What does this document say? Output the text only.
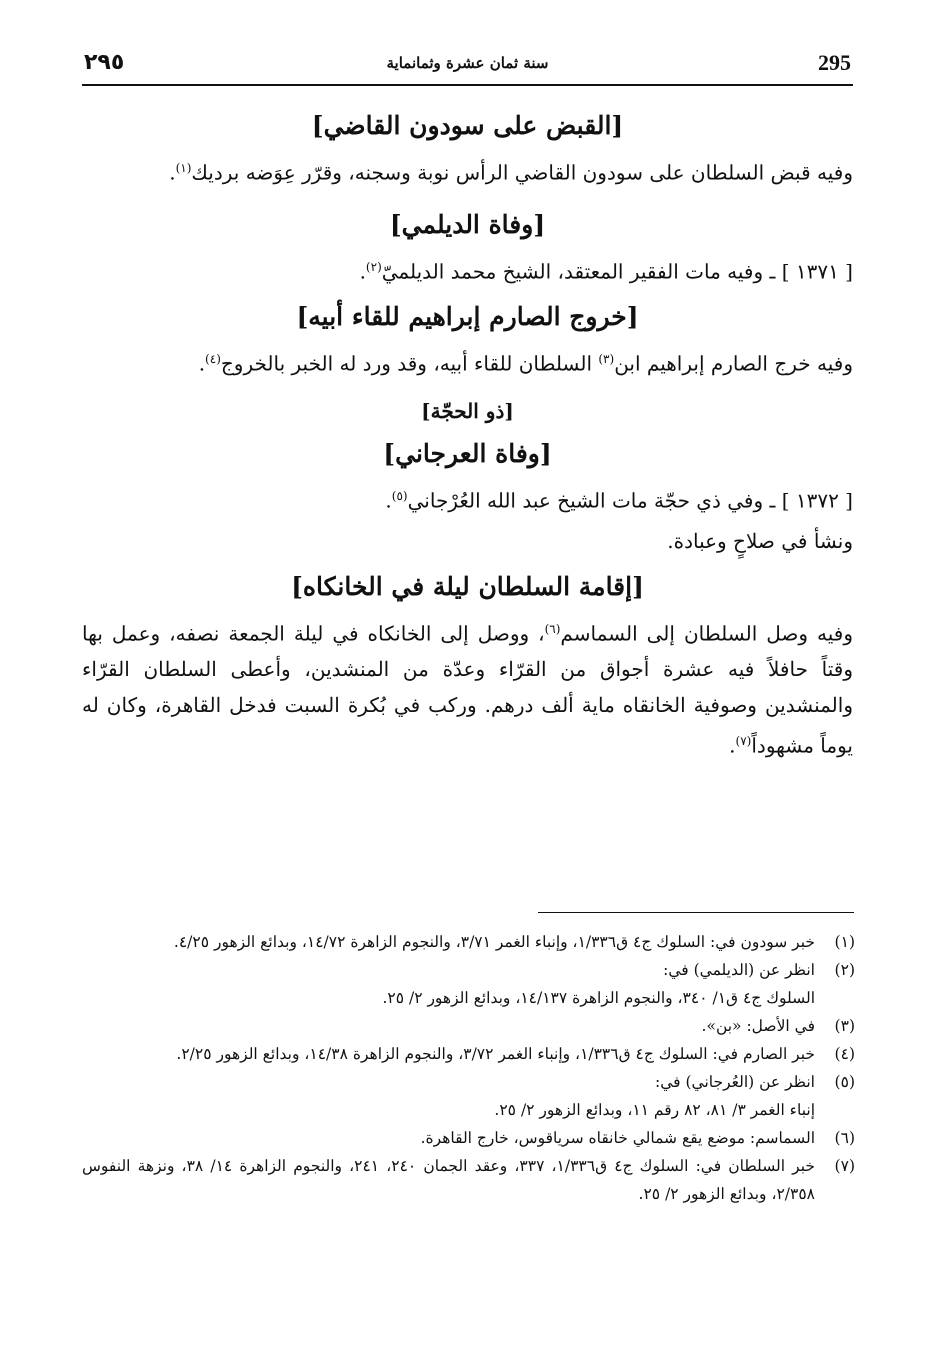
٢٩٥	سنة ثمان عشرة وثمانماية	295
[القبض على سودون القاضي]

وفيه قبض السلطان على سودون القاضي الرأس نوبة وسجنه، وقرّر عِوَضه برديك$^{(١)}$.

[وفاة الديلمي]

[ ١٣٧١ ] ـ وفيه مات الفقير المعتقد، الشيخ محمد الديلميّ$^{(٢)}$.

[خروج الصارم إبراهيم للقاء أبيه]

وفيه خرج الصارم إبراهيم ابن$^{(٣)}$ السلطان للقاء أبيه، وقد ورد له الخبر بالخروج$^{(٤)}$.

[ذو الحجّة]
[وفاة العرجاني]

[ ١٣٧٢ ] ـ وفي ذي حجّة مات الشيخ عبد الله العُرْجاني$^{(٥)}$.

ونشأ في صلاحٍ وعبادة.

[إقامة السلطان ليلة في الخانكاه]

وفيه وصل السلطان إلى السماسم$^{(٦)}$، ووصل إلى الخانكاه في ليلة الجمعة نصفه، وعمل بها وقتاً حافلاً فيه عشرة أجواق من القرّاء وعدّة من المنشدين، وأعطى السلطان القرّاء والمنشدين وصوفية الخانقاه ماية ألف درهم. وركب في بُكرة السبت فدخل القاهرة، وكان له يوماً مشهوداً$^{(٧)}$.

(١)
خبر سودون في: السلوك ج٤ ق١/٣٣٦، وإنباء الغمر ٣/٧١، والنجوم الزاهرة ١٤/٧٢، وبدائع الزهور ٤/٢٥.
(٢)
انظر عن (الديلمي) في:
السلوك ج٤ ق١/ ٣٤٠، والنجوم الزاهرة ١٤/١٣٧، وبدائع الزهور ٢/ ٢٥.
(٣)
في الأصل: «بن».
(٤)
خبر الصارم في: السلوك ج٤ ق١/٣٣٦، وإنباء الغمر ٣/٧٢، والنجوم الزاهرة ١٤/٣٨، وبدائع الزهور ٢/٢٥.
(٥)
انظر عن (العُرجاني) في:
إنباء الغمر ٣/ ٨١، ٨٢ رقم ١١، وبدائع الزهور ٢/ ٢٥.
(٦)
السماسم: موضع يقع شمالي خانقاه سرياقوس، خارج القاهرة.
(٧)
خبر السلطان في: السلوك ج٤ ق١/٣٣٦، ٣٣٧، وعقد الجمان ٢٤٠، ٢٤١، والنجوم الزاهرة ١٤/ ٣٨، ونزهة النفوس ٢/٣٥٨، وبدائع الزهور ٢/ ٢٥.
